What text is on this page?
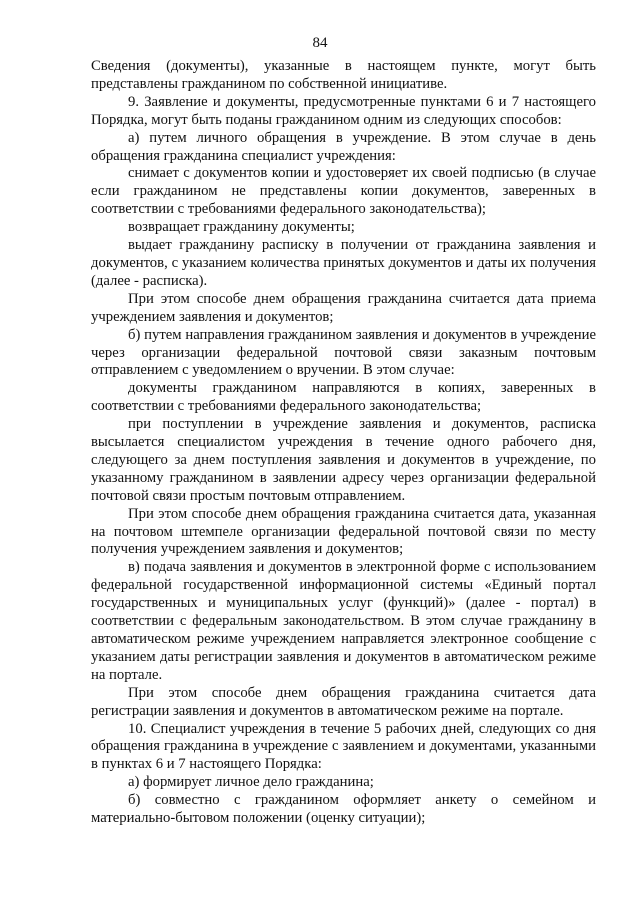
84

Сведения (документы), указанные в настоящем пункте, могут быть представлены гражданином по собственной инициативе.

9. Заявление и документы, предусмотренные пунктами 6 и 7 настоящего Порядка, могут быть поданы гражданином одним из следующих способов:

а) путем личного обращения в учреждение. В этом случае в день обращения гражданина специалист учреждения:

снимает с документов копии и удостоверяет их своей подписью (в случае если гражданином не представлены копии документов, заверенных в соответствии с требованиями федерального законодательства);

возвращает гражданину документы;

выдает гражданину расписку в получении от гражданина заявления и документов, с указанием количества принятых документов и даты их получения (далее - расписка).

При этом способе днем обращения гражданина считается дата приема учреждением заявления и документов;

б) путем направления гражданином заявления и документов в учреждение через организации федеральной почтовой связи заказным почтовым отправлением с уведомлением о вручении. В этом случае:

документы гражданином направляются в копиях, заверенных в соответствии с требованиями федерального законодательства;

при поступлении в учреждение заявления и документов, расписка высылается специалистом учреждения в течение одного рабочего дня, следующего за днем поступления заявления и документов в учреждение, по указанному гражданином в заявлении адресу через организации федеральной почтовой связи простым почтовым отправлением.

При этом способе днем обращения гражданина считается дата, указанная на почтовом штемпеле организации федеральной почтовой связи по месту получения учреждением заявления и документов;

в) подача заявления и документов в электронной форме с использованием федеральной государственной информационной системы «Единый портал государственных и муниципальных услуг (функций)» (далее - портал) в соответствии с федеральным законодательством. В этом случае гражданину в автоматическом режиме учреждением направляется электронное сообщение с указанием даты регистрации заявления и документов в автоматическом режиме на портале.

При этом способе днем обращения гражданина считается дата регистрации заявления и документов в автоматическом режиме на портале.

10. Специалист учреждения в течение 5 рабочих дней, следующих со дня обращения гражданина в учреждение с заявлением и документами, указанными в пунктах 6 и 7 настоящего Порядка:

а) формирует личное дело гражданина;

б) совместно с гражданином оформляет анкету о семейном и материально-бытовом положении (оценку ситуации);
